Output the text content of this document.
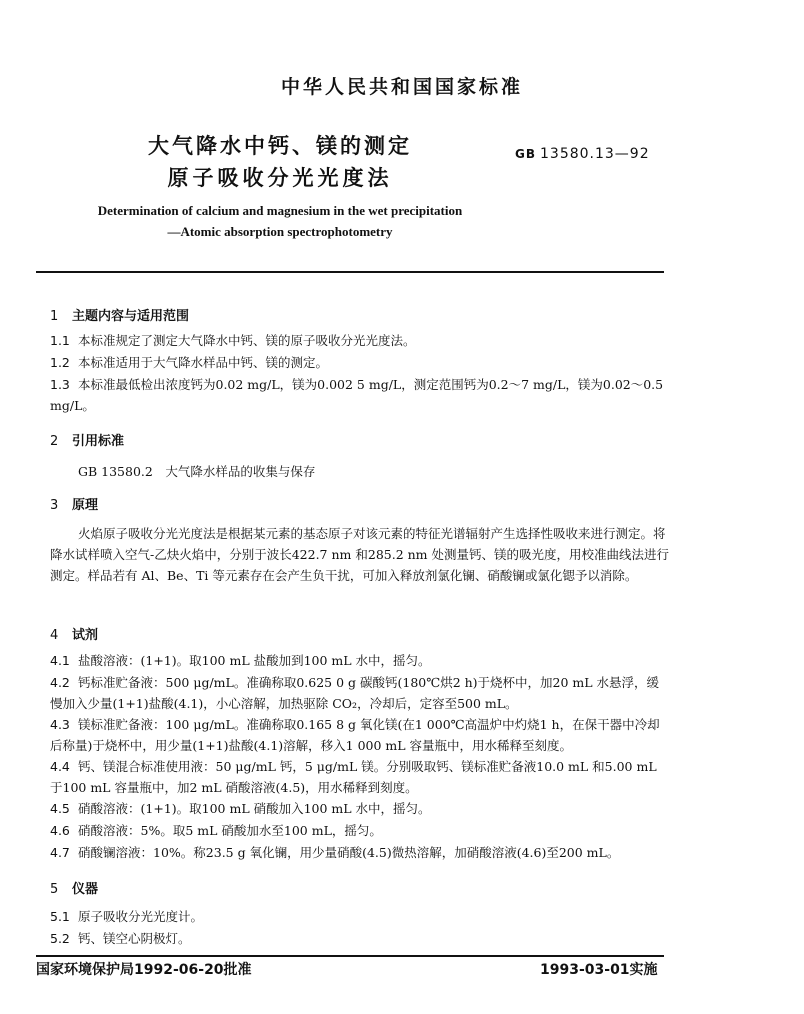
中华人民共和国国家标准
大气降水中钙、镁的测定
原子吸收分光光度法
GB 13580.13—92
Determination of calcium and magnesium in the wet precipitation
—Atomic absorption spectrophotometry
1 主题内容与适用范围
1.1 本标准规定了测定大气降水中钙、镁的原子吸收分光光度法。
1.2 本标准适用于大气降水样品中钙、镁的测定。
1.3 本标准最低检出浓度钙为0.02 mg/L，镁为0.002 5 mg/L，测定范围钙为0.2～7 mg/L，镁为0.02～0.5 mg/L。
2 引用标准
GB 13580.2　大气降水样品的收集与保存
3 原理
火焰原子吸收分光光度法是根据某元素的基态原子对该元素的特征光谱辐射产生选择性吸收来进行测定。将降水试样喷入空气-乙炔火焰中，分别于波长422.7 nm 和285.2 nm 处测量钙、镁的吸光度，用校准曲线法进行测定。样品若有 Al、Be、Ti 等元素存在会产生负干扰，可加入释放剂氯化镧、硝酸镧或氯化锶予以消除。
4 试剂
4.1 盐酸溶液：(1+1)。取100 mL 盐酸加到100 mL 水中，摇匀。
4.2 钙标准贮备液：500 μg/mL。准确称取0.625 0 g 碳酸钙(180℃烘2 h)于烧杯中，加20 mL 水悬浮，缓慢加入少量(1+1)盐酸(4.1)，小心溶解，加热驱除 CO₂，冷却后，定容至500 mL。
4.3 镁标准贮备液：100 μg/mL。准确称取0.165 8 g 氧化镁(在1 000℃高温炉中灼烧1 h，在保干器中冷却后称量)于烧杯中，用少量(1+1)盐酸(4.1)溶解，移入1 000 mL 容量瓶中，用水稀释至刻度。
4.4 钙、镁混合标准使用液：50 μg/mL 钙，5 μg/mL 镁。分别吸取钙、镁标准贮备液10.0 mL 和5.00 mL 于100 mL 容量瓶中，加2 mL 硝酸溶液(4.5)，用水稀释到刻度。
4.5 硝酸溶液：(1+1)。取100 mL 硝酸加入100 mL 水中，摇匀。
4.6 硝酸溶液：5%。取5 mL 硝酸加水至100 mL，摇匀。
4.7 硝酸镧溶液：10%。称23.5 g 氧化镧，用少量硝酸(4.5)微热溶解，加硝酸溶液(4.6)至200 mL。
5 仪器
5.1 原子吸收分光光度计。
5.2 钙、镁空心阴极灯。
国家环境保护局1992-06-20批准	1993-03-01实施
